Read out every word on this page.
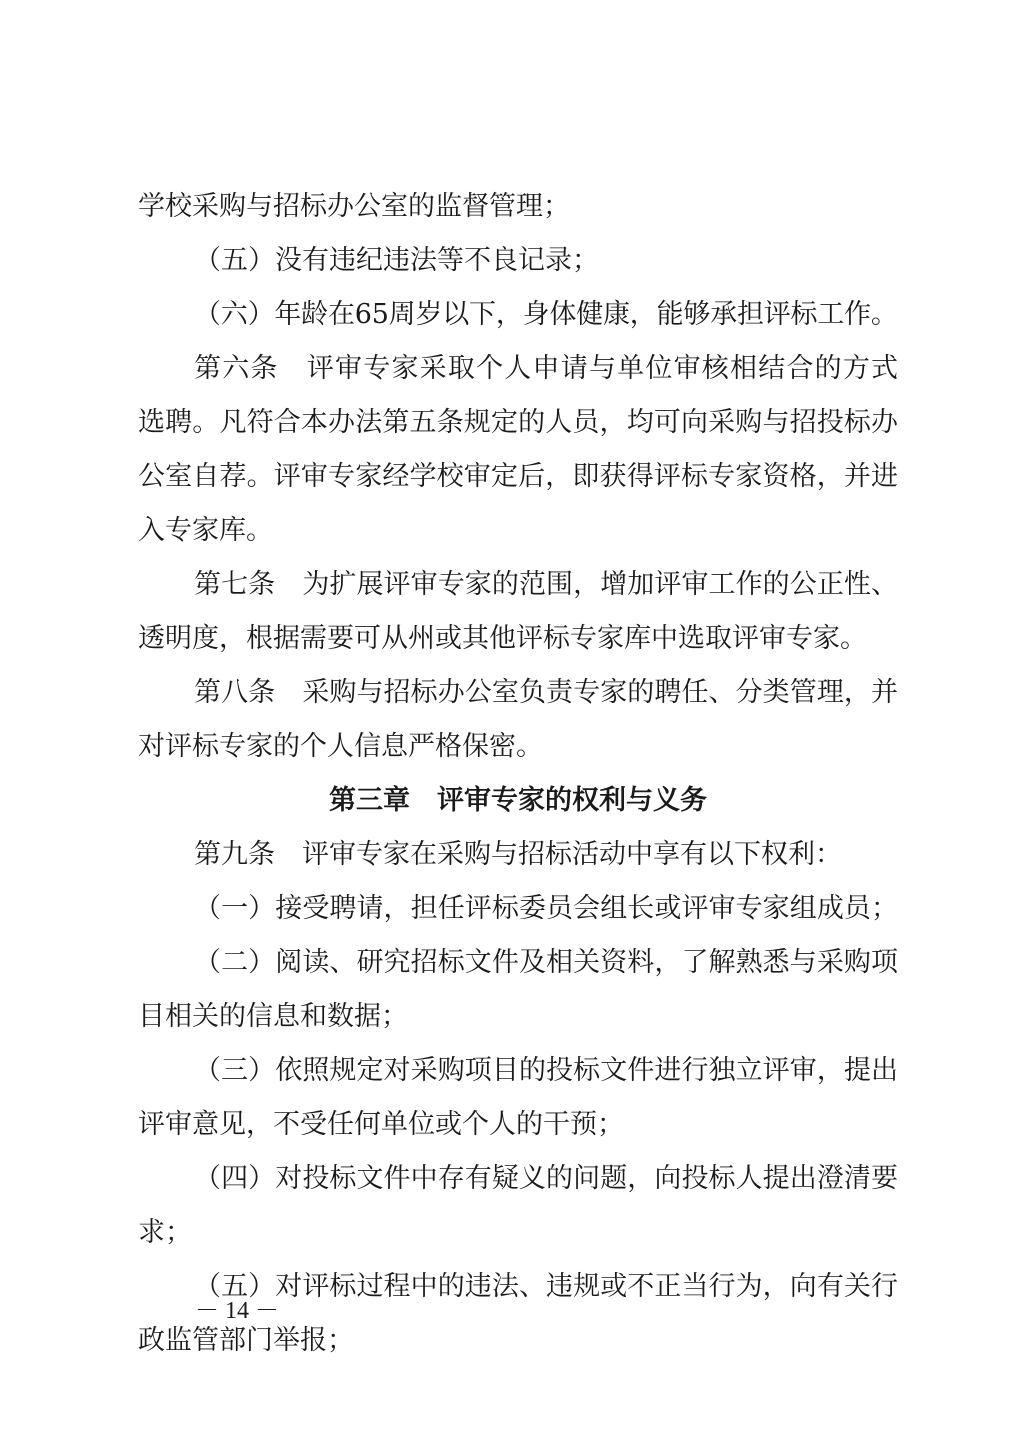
学校采购与招标办公室的监督管理；
（五）没有违纪违法等不良记录；
（六）年龄在65周岁以下，身体健康，能够承担评标工作。
第六条　评审专家采取个人申请与单位审核相结合的方式
选聘。凡符合本办法第五条规定的人员，均可向采购与招投标办
公室自荐。评审专家经学校审定后，即获得评标专家资格，并进
入专家库。
第七条　为扩展评审专家的范围，增加评审工作的公正性、
透明度，根据需要可从州或其他评标专家库中选取评审专家。
第八条　采购与招标办公室负责专家的聘任、分类管理，并
对评标专家的个人信息严格保密。
第三章　评审专家的权利与义务
第九条　评审专家在采购与招标活动中享有以下权利：
（一）接受聘请，担任评标委员会组长或评审专家组成员；
（二）阅读、研究招标文件及相关资料，了解熟悉与采购项
目相关的信息和数据；
（三）依照规定对采购项目的投标文件进行独立评审，提出
评审意见，不受任何单位或个人的干预；
（四）对投标文件中存有疑义的问题，向投标人提出澄清要
求；
（五）对评标过程中的违法、违规或不正当行为，向有关行
政监管部门举报；
－ 14 －
